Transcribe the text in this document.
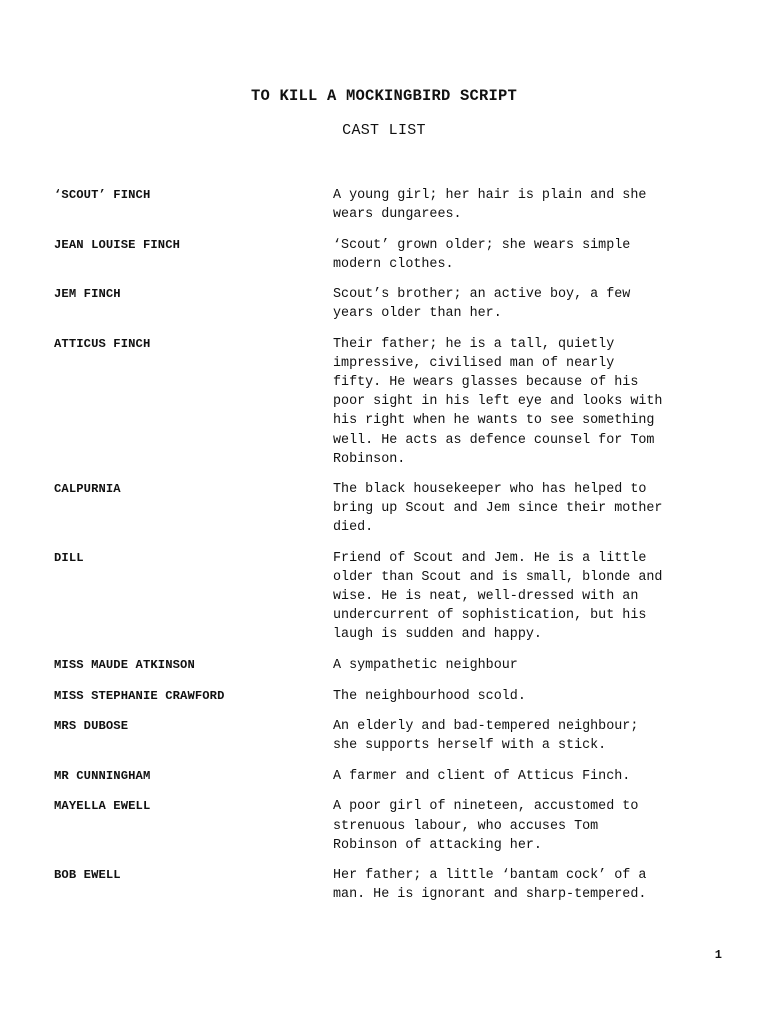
TO KILL A MOCKINGBIRD SCRIPT
CAST LIST
‘SCOUT’ FINCH	A young girl; her hair is plain and she
wears dungarees.
JEAN LOUISE FINCH	‘Scout’ grown older; she wears simple
modern clothes.
JEM FINCH	Scout’s brother; an active boy, a few
years older than her.
ATTICUS FINCH	Their father; he is a tall, quietly
impressive, civilised man of nearly
fifty. He wears glasses because of his
poor sight in his left eye and looks with
his right when he wants to see something
well. He acts as defence counsel for Tom
Robinson.
CALPURNIA	The black housekeeper who has helped to
bring up Scout and Jem since their mother
died.
DILL	Friend of Scout and Jem. He is a little
older than Scout and is small, blonde and
wise. He is neat, well-dressed with an
undercurrent of sophistication, but his
laugh is sudden and happy.
MISS MAUDE ATKINSON	A sympathetic neighbour
MISS STEPHANIE CRAWFORD	The neighbourhood scold.
MRS DUBOSE	An elderly and bad-tempered neighbour;
she supports herself with a stick.
MR CUNNINGHAM	A farmer and client of Atticus Finch.
MAYELLA EWELL	A poor girl of nineteen, accustomed to
strenuous labour, who accuses Tom
Robinson of attacking her.
BOB EWELL	Her father; a little ‘bantam cock’ of a
man. He is ignorant and sharp-tempered.
1
